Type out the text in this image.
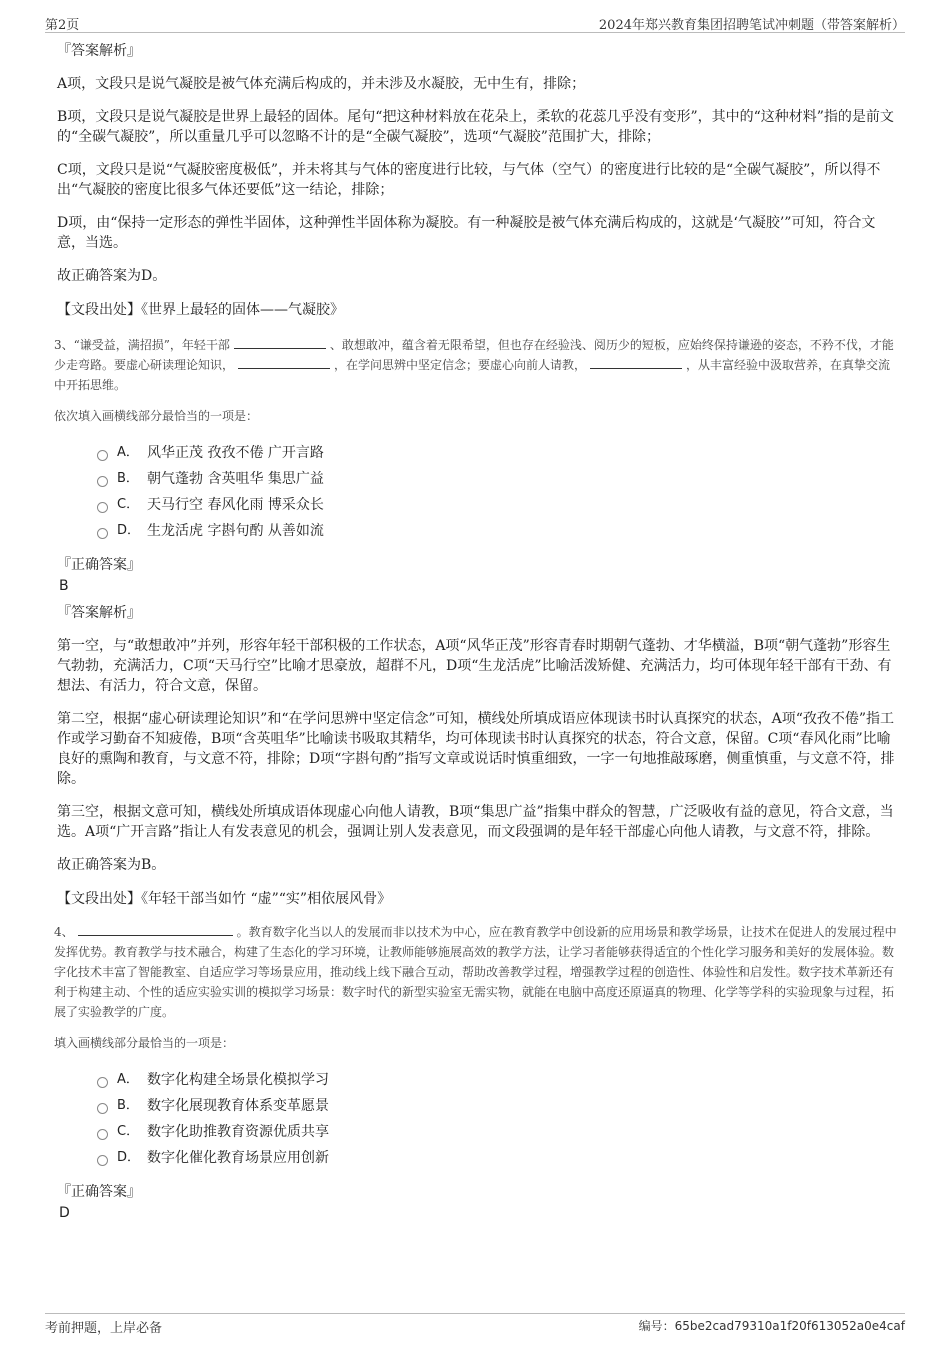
第2页	2024年郑兴教育集团招聘笔试冲刺题（带答案解析）
『答案解析』

A项，文段只是说气凝胶是被气体充满后构成的，并未涉及水凝胶，无中生有，排除；

B项，文段只是说气凝胶是世界上最轻的固体。尾句“把这种材料放在花朵上，柔软的花蕊几乎没有变形”，其中的“这种材料”指的是前文的“全碳气凝胶”，所以重量几乎可以忽略不计的是“全碳气凝胶”，选项“气凝胶”范围扩大，排除；

C项，文段只是说“气凝胶密度极低”，并未将其与气体的密度进行比较，与气体（空气）的密度进行比较的是“全碳气凝胶”，所以得不出“气凝胶的密度比很多气体还要低”这一结论，排除；

D项，由“保持一定形态的弹性半固体，这种弹性半固体称为凝胶。有一种凝胶是被气体充满后构成的，这就是‘气凝胶’”可知，符合文意，当选。

故正确答案为D。

【文段出处】《世界上最轻的固体——气凝胶》

3、“谦受益，满招损”，年轻干部	、敢想敢冲，蕴含着无限希望，但也存在经验浅、阅历少的短板，应始终保持谦逊的姿态，不矜不伐，才能少走弯路。要虚心研读理论知识，	，在学问思辨中坚定信念；要虚心向前人请教，	，从丰富经验中汲取营养，在真挚交流中开拓思维。
依次填入画横线部分最恰当的一项是：
A． 风华正茂 孜孜不倦 广开言路
B． 朝气蓬勃 含英咀华 集思广益
C． 天马行空 春风化雨 博采众长
D． 生龙活虎 字斟句酌 从善如流
『正确答案』
B
『答案解析』

第一空，与“敢想敢冲”并列，形容年轻干部积极的工作状态，A项“风华正茂”形容青春时期朝气蓬勃、才华横溢，B项“朝气蓬勃”形容生气勃勃，充满活力，C项“天马行空”比喻才思豪放，超群不凡，D项“生龙活虎”比喻活泼矫健、充满活力，均可体现年轻干部有干劲、有想法、有活力，符合文意，保留。

第二空，根据“虚心研读理论知识”和“在学问思辨中坚定信念”可知，横线处所填成语应体现读书时认真探究的状态，A项“孜孜不倦”指工作或学习勤奋不知疲倦，B项“含英咀华”比喻读书吸取其精华，均可体现读书时认真探究的状态，符合文意，保留。C项“春风化雨”比喻良好的熏陶和教育，与文意不符，排除；D项“字斟句酌”指写文章或说话时慎重细致，一字一句地推敲琢磨，侧重慎重，与文意不符，排除。

第三空，根据文意可知，横线处所填成语体现虚心向他人请教，B项“集思广益”指集中群众的智慧，广泛吸收有益的意见，符合文意，当选。A项“广开言路”指让人有发表意见的机会，强调让别人发表意见，而文段强调的是年轻干部虚心向他人请教，与文意不符，排除。

故正确答案为B。

【文段出处】《年轻干部当如竹 “虚”“实”相依展风骨》

4、	。教育数字化当以人的发展而非以技术为中心，应在教育教学中创设新的应用场景和教学场景，让技术在促进人的发展过程中发挥优势。教育教学与技术融合，构建了生态化的学习环境，让教师能够施展高效的教学方法，让学习者能够获得适宜的个性化学习服务和美好的发展体验。数字化技术丰富了智能教室、自适应学习等场景应用，推动线上线下融合互动，帮助改善教学过程，增强教学过程的创造性、体验性和启发性。数字技术革新还有利于构建主动、个性的适应实验实训的模拟学习场景：数字时代的新型实验室无需实物，就能在电脑中高度还原逼真的物理、化学等学科的实验现象与过程，拓展了实验教学的广度。
填入画横线部分最恰当的一项是：
A． 数字化构建全场景化模拟学习
B． 数字化展现教育体系变革愿景
C． 数字化助推教育资源优质共享
D． 数字化催化教育场景应用创新
『正确答案』
D
考前押题，上岸必备	编号：65be2cad79310a1f20f613052a0e4caf
